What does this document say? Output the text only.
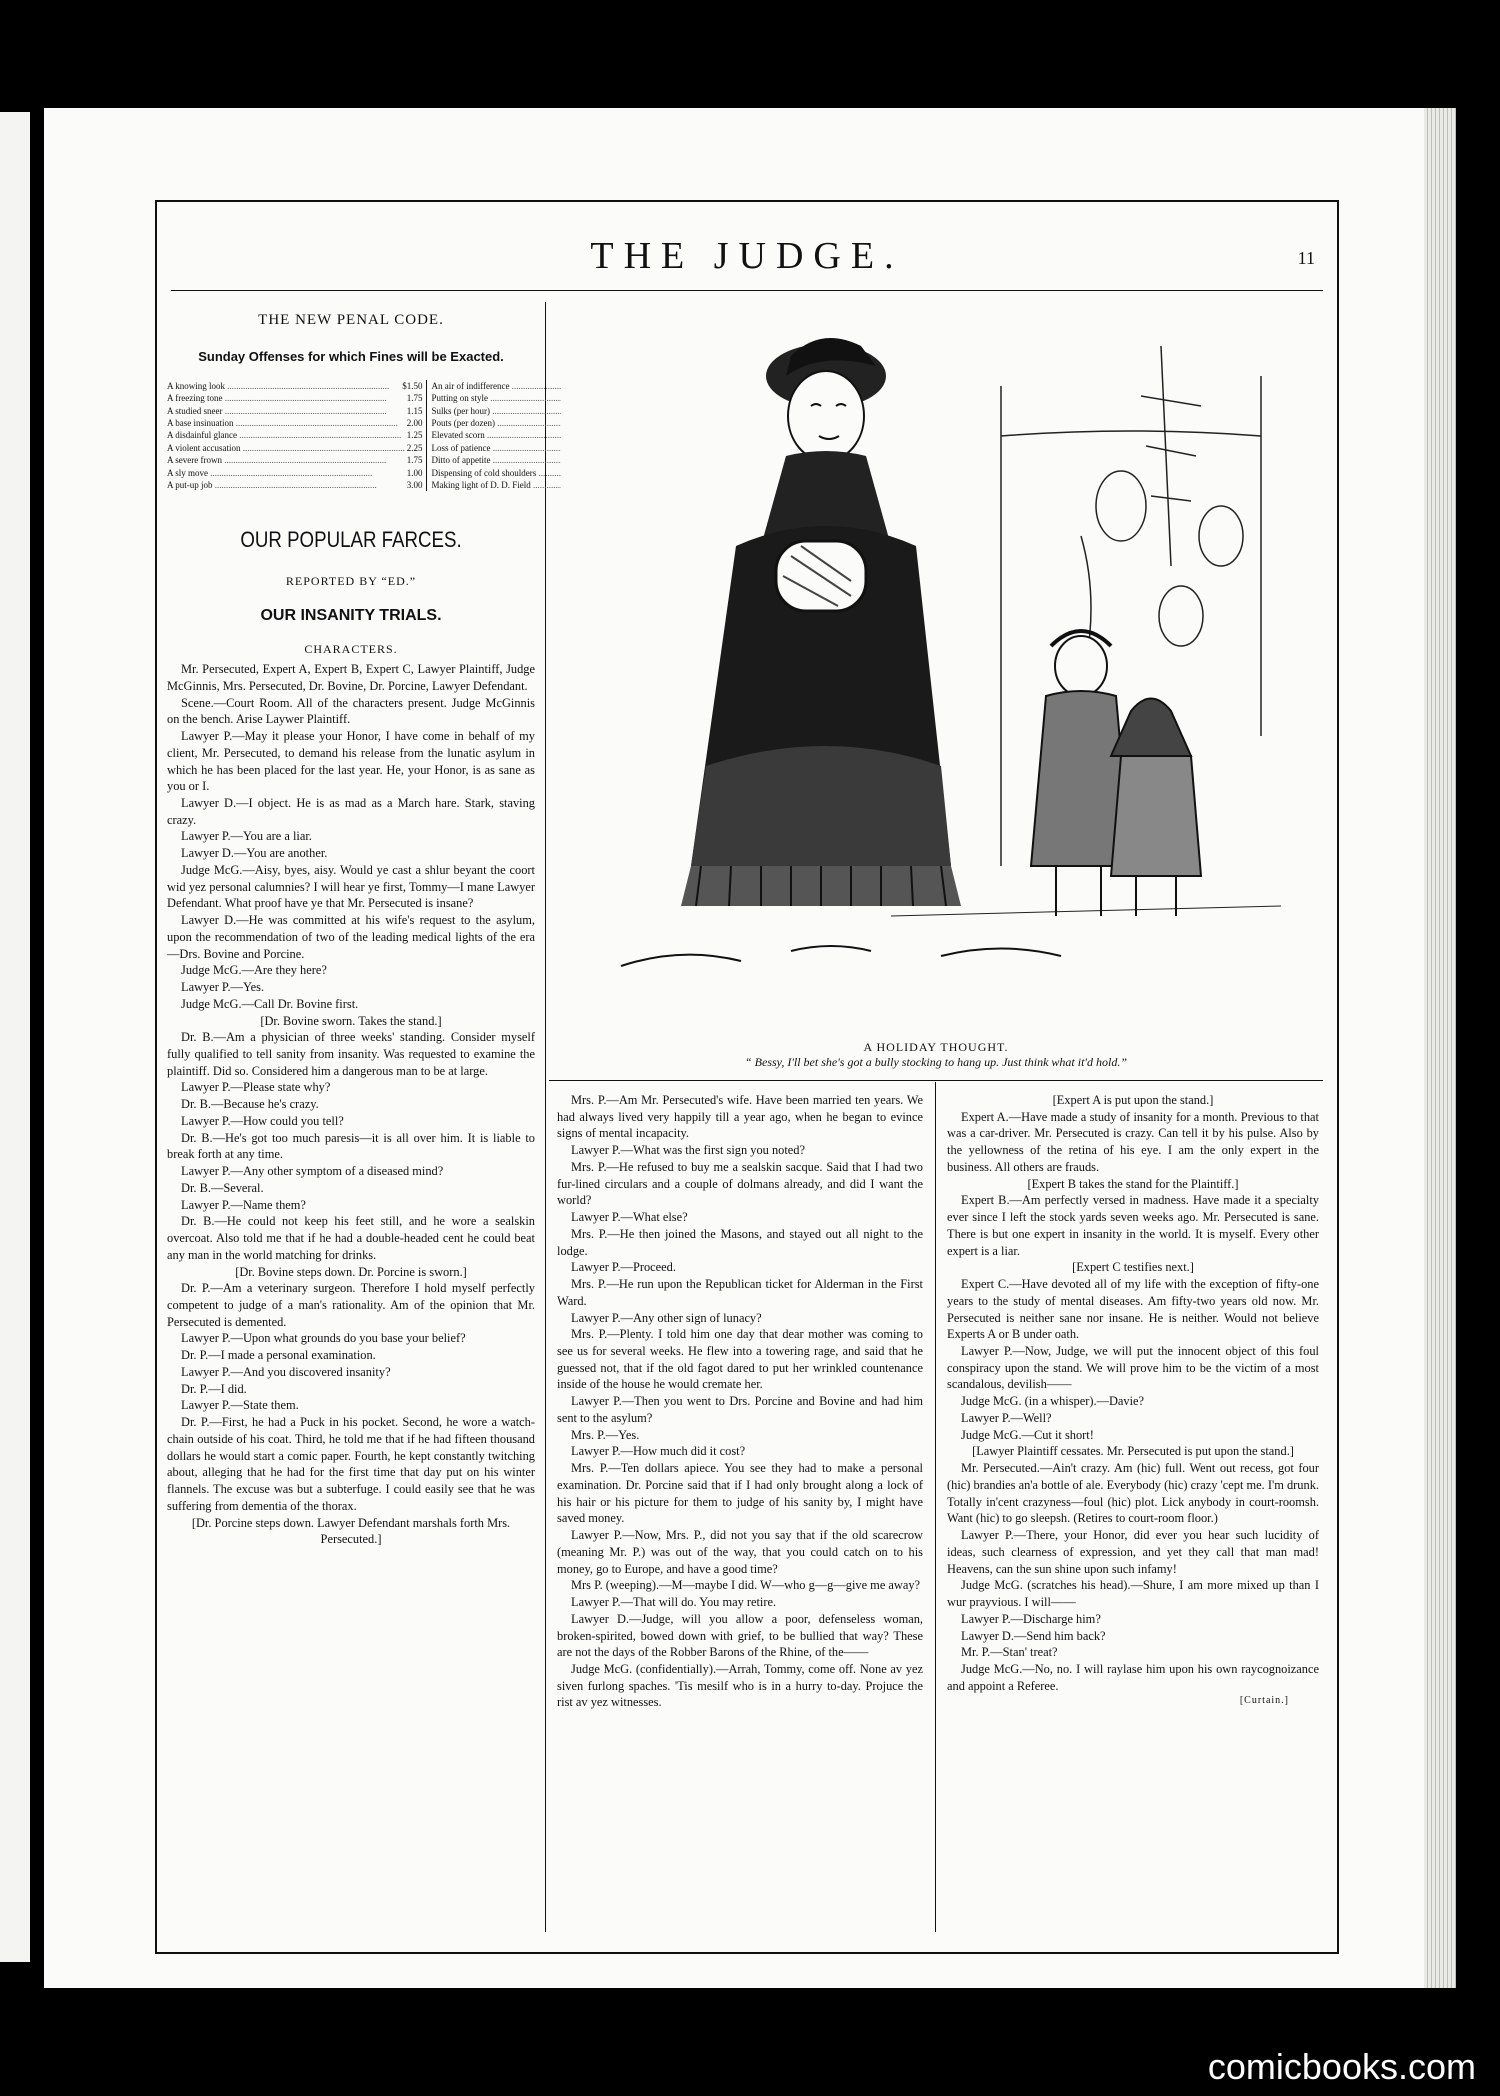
THE JUDGE.	11
THE NEW PENAL CODE.
Sunday Offenses for which Fines will be Exacted.
A knowing look .....	$1.50
A freezing tone .....	1.75
A studied sneer .....	1.15
A base insinuation .....	2.00
A disdainful glance .....	1.25
A violent accusation .....	2.25
A severe frown .....	1.75
A sly move .....	1.00
A put-up job .....	3.00
An air of indifference .....
Putting on style .....
Sulks (per hour) .....
Pouts (per dozen) .....
Elevated scorn .....
Loss of patience .....
Ditto of appetite .....
Dispensing of cold shoulders .....
Making light of D. D. Field .....
OUR POPULAR FARCES.
REPORTED BY “ED.”
OUR INSANITY TRIALS.
CHARACTERS.

Mr. Persecuted, Expert A, Expert B, Expert C, Lawyer Plaintiff, Judge McGinnis, Mrs. Persecuted, Dr. Bovine, Dr. Porcine, Lawyer Defendant.

Scene.—Court Room. All of the characters present. Judge McGinnis on the bench. Arise Laywer Plaintiff.

Lawyer P.—May it please your Honor, I have come in behalf of my client, Mr. Persecuted, to demand his release from the lunatic asylum in which he has been placed for the last year. He, your Honor, is as sane as you or I.

Lawyer D.—I object. He is as mad as a March hare. Stark, staving crazy.

Lawyer P.—You are a liar.

Lawyer D.—You are another.

Judge McG.—Aisy, byes, aisy. Would ye cast a shlur beyant the coort wid yez personal calumnies? I will hear ye first, Tommy—I mane Lawyer Defendant. What proof have ye that Mr. Persecuted is insane?

Lawyer D.—He was committed at his wife's request to the asylum, upon the recommendation of two of the leading medical lights of the era—Drs. Bovine and Porcine.

Judge McG.—Are they here?

Lawyer P.—Yes.

Judge McG.—Call Dr. Bovine first.

[Dr. Bovine sworn. Takes the stand.]

Dr. B.—Am a physician of three weeks' standing. Consider myself fully qualified to tell sanity from insanity. Was requested to examine the plaintiff. Did so. Considered him a dangerous man to be at large.

Lawyer P.—Please state why?

Dr. B.—Because he's crazy.

Lawyer P.—How could you tell?

Dr. B.—He's got too much paresis—it is all over him. It is liable to break forth at any time.

Lawyer P.—Any other symptom of a diseased mind?

Dr. B.—Several.

Lawyer P.—Name them?

Dr. B.—He could not keep his feet still, and he wore a sealskin overcoat. Also told me that if he had a double-headed cent he could beat any man in the world matching for drinks.

[Dr. Bovine steps down. Dr. Porcine is sworn.]

Dr. P.—Am a veterinary surgeon. Therefore I hold myself perfectly competent to judge of a man's rationality. Am of the opinion that Mr. Persecuted is demented.

Lawyer P.—Upon what grounds do you base your belief?

Dr. P.—I made a personal examination.

Lawyer P.—And you discovered insanity?

Dr. P.—I did.

Lawyer P.—State them.

Dr. P.—First, he had a Puck in his pocket. Second, he wore a watch-chain outside of his coat. Third, he told me that if he had fifteen thousand dollars he would start a comic paper. Fourth, he kept constantly twitching about, alleging that he had for the first time that day put on his winter flannels. The excuse was but a subterfuge. I could easily see that he was suffering from dementia of the thorax.

[Dr. Porcine steps down. Lawyer Defendant marshals forth Mrs. Persecuted.]

A HOLIDAY THOUGHT.
“ Bessy, I'll bet she's got a bully stocking to hang up. Just think what it'd hold.”

Mrs. P.—Am Mr. Persecuted's wife. Have been married ten years. We had always lived very happily till a year ago, when he began to evince signs of mental incapacity.

Lawyer P.—What was the first sign you noted?

Mrs. P.—He refused to buy me a sealskin sacque. Said that I had two fur-lined circulars and a couple of dolmans already, and did I want the world?

Lawyer P.—What else?

Mrs. P.—He then joined the Masons, and stayed out all night to the lodge.

Lawyer P.—Proceed.

Mrs. P.—He run upon the Republican ticket for Alderman in the First Ward.

Lawyer P.—Any other sign of lunacy?

Mrs. P.—Plenty. I told him one day that dear mother was coming to see us for several weeks. He flew into a towering rage, and said that he guessed not, that if the old fagot dared to put her wrinkled countenance inside of the house he would cremate her.

Lawyer P.—Then you went to Drs. Porcine and Bovine and had him sent to the asylum?

Mrs. P.—Yes.

Lawyer P.—How much did it cost?

Mrs. P.—Ten dollars apiece. You see they had to make a personal examination. Dr. Porcine said that if I had only brought along a lock of his hair or his picture for them to judge of his sanity by, I might have saved money.

Lawyer P.—Now, Mrs. P., did not you say that if the old scarecrow (meaning Mr. P.) was out of the way, that you could catch on to his money, go to Europe, and have a good time?

Mrs P. (weeping).—M—maybe I did. W—who g—g—give me away?

Lawyer P.—That will do. You may retire.

Lawyer D.—Judge, will you allow a poor, defenseless woman, broken-spirited, bowed down with grief, to be bullied that way? These are not the days of the Robber Barons of the Rhine, of the——

Judge McG. (confidentially).—Arrah, Tommy, come off. None av yez siven furlong spaches. 'Tis mesilf who is in a hurry to-day. Projuce the rist av yez witnesses.

[Expert A is put upon the stand.]

Expert A.—Have made a study of insanity for a month. Previous to that was a car-driver. Mr. Persecuted is crazy. Can tell it by his pulse. Also by the yellowness of the retina of his eye. I am the only expert in the business. All others are frauds.

[Expert B takes the stand for the Plaintiff.]

Expert B.—Am perfectly versed in madness. Have made it a specialty ever since I left the stock yards seven weeks ago. Mr. Persecuted is sane. There is but one expert in insanity in the world. It is myself. Every other expert is a liar.

[Expert C testifies next.]

Expert C.—Have devoted all of my life with the exception of fifty-one years to the study of mental diseases. Am fifty-two years old now. Mr. Persecuted is neither sane nor insane. He is neither. Would not believe Experts A or B under oath.

Lawyer P.—Now, Judge, we will put the innocent object of this foul conspiracy upon the stand. We will prove him to be the victim of a most scandalous, devilish——

Judge McG. (in a whisper).—Davie?

Lawyer P.—Well?

Judge McG.—Cut it short!

[Lawyer Plaintiff cessates. Mr. Persecuted is put upon the stand.]

Mr. Persecuted.—Ain't crazy. Am (hic) full. Went out recess, got four (hic) brandies an'a bottle of ale. Everybody (hic) crazy 'cept me. I'm drunk. Totally in'cent crazyness—foul (hic) plot. Lick anybody in court-roomsh. Want (hic) to go sleepsh. (Retires to court-room floor.)

Lawyer P.—There, your Honor, did ever you hear such lucidity of ideas, such clearness of expression, and yet they call that man mad! Heavens, can the sun shine upon such infamy!

Judge McG. (scratches his head).—Shure, I am more mixed up than I wur prayvious. I will——

Lawyer P.—Discharge him?

Lawyer D.—Send him back?

Mr. P.—Stan' treat?

Judge McG.—No, no. I will raylase him upon his own raycognoizance and appoint a Referee.

[Curtain.]
comicbooks.com
